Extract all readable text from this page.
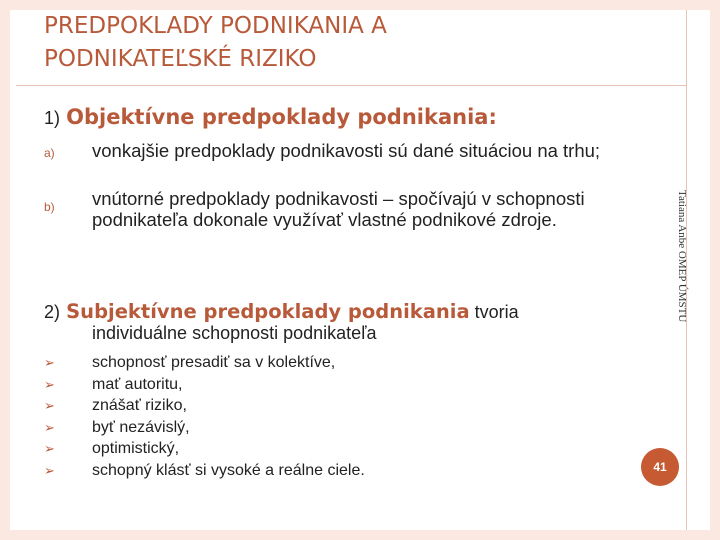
PREDPOKLADY PODNIKANIA A
PODNIKATEĽSKÉ RIZIKO
1) Objektívne predpoklady podnikania:
a) vonkajšie predpoklady podnikavosti sú dané situáciou na trhu;
b) vnútorné predpoklady podnikavosti – spočívajú v schopnosti podnikateľa dokonale využívať vlastné podnikové zdroje.
2) Subjektívne predpoklady podnikania tvoria
individuálne schopnosti podnikateľa
➢ schopnosť presadiť sa v kolektíve,
➢ mať autoritu,
➢ znášať riziko,
➢ byť nezávislý,
➢ optimistický,
➢ schopný klásť si vysoké a reálne ciele.
Tatiana Anbe OMEP ÚMSTU
41
